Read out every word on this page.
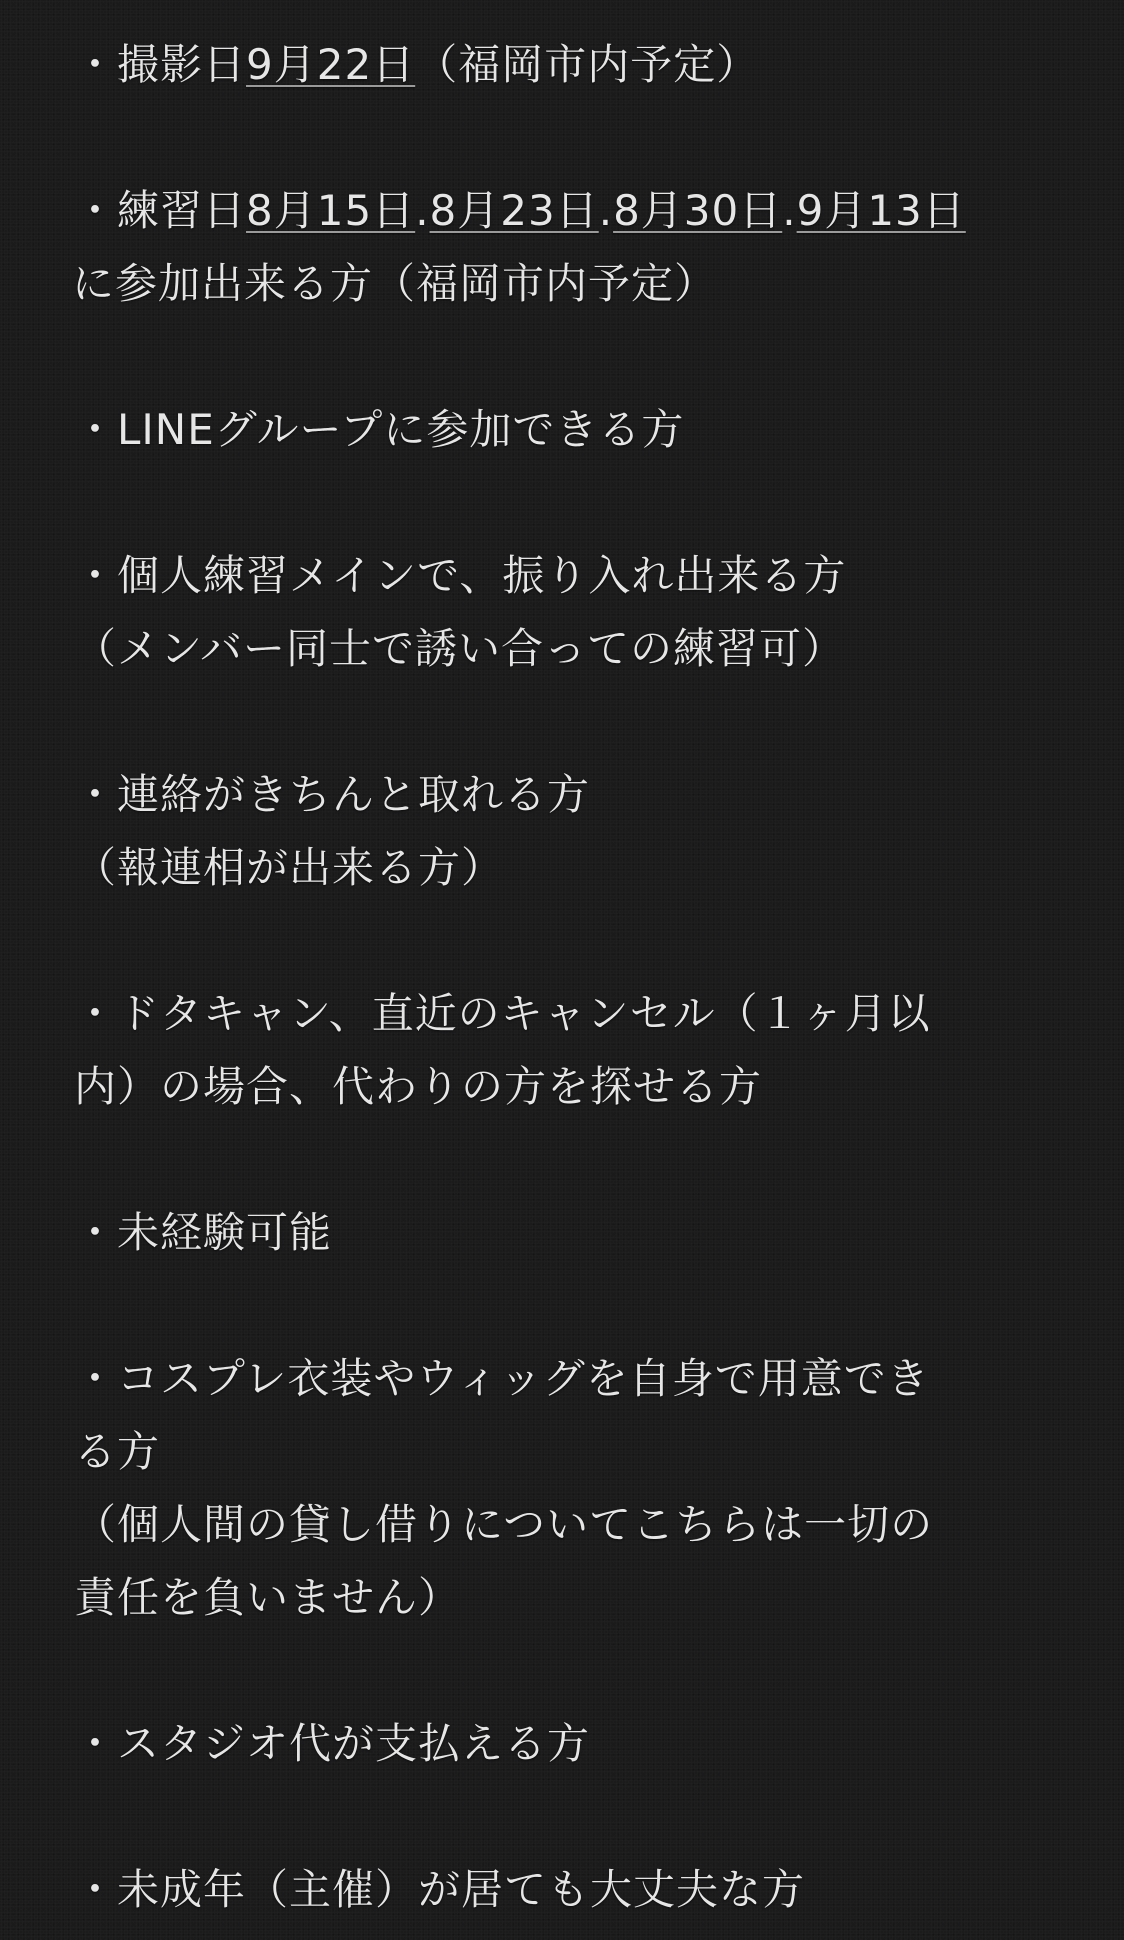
・撮影日9月22日（福岡市内予定）
・練習日8月15日.8月23日.8月30日.9月13日
に参加出来る方（福岡市内予定）
・LINEグループに参加できる方
・個人練習メインで、振り入れ出来る方
（メンバー同士で誘い合っての練習可）
・連絡がきちんと取れる方
（報連相が出来る方）
・ドタキャン、直近のキャンセル（１ヶ月以
内）の場合、代わりの方を探せる方
・未経験可能
・コスプレ衣装やウィッグを自身で用意でき
る方
（個人間の貸し借りについてこちらは一切の
責任を負いません）
・スタジオ代が支払える方
・未成年（主催）が居ても大丈夫な方
